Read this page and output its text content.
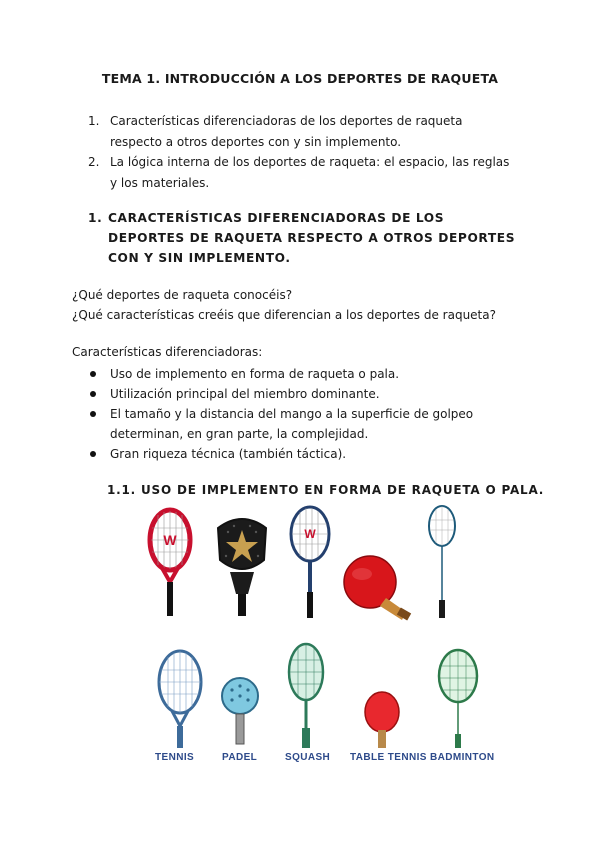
TEMA 1. INTRODUCCIÓN A LOS DEPORTES DE RAQUETA
1. Características diferenciadoras de los deportes de raqueta respecto a otros deportes con y sin implemento.
2. La lógica interna de los deportes de raqueta: el espacio, las reglas y los materiales.
1. CARACTERÍSTICAS DIFERENCIADORAS DE LOS DEPORTES DE RAQUETA RESPECTO A OTROS DEPORTES CON Y SIN IMPLEMENTO.
¿Qué deportes de raqueta conocéis?
¿Qué características creéis que diferencian a los deportes de raqueta?
Características diferenciadoras:
Uso de implemento en forma de raqueta o pala.
Utilización principal del miembro dominante.
El tamaño y la distancia del mango a la superficie de golpeo determinan, en gran parte, la complejidad.
Gran riqueza técnica (también táctica).
1.1. USO DE IMPLEMENTO EN FORMA DE RAQUETA O PALA.
W	W
TENNIS	PADEL	SQUASH TABLE TENNIS BADMINTON
